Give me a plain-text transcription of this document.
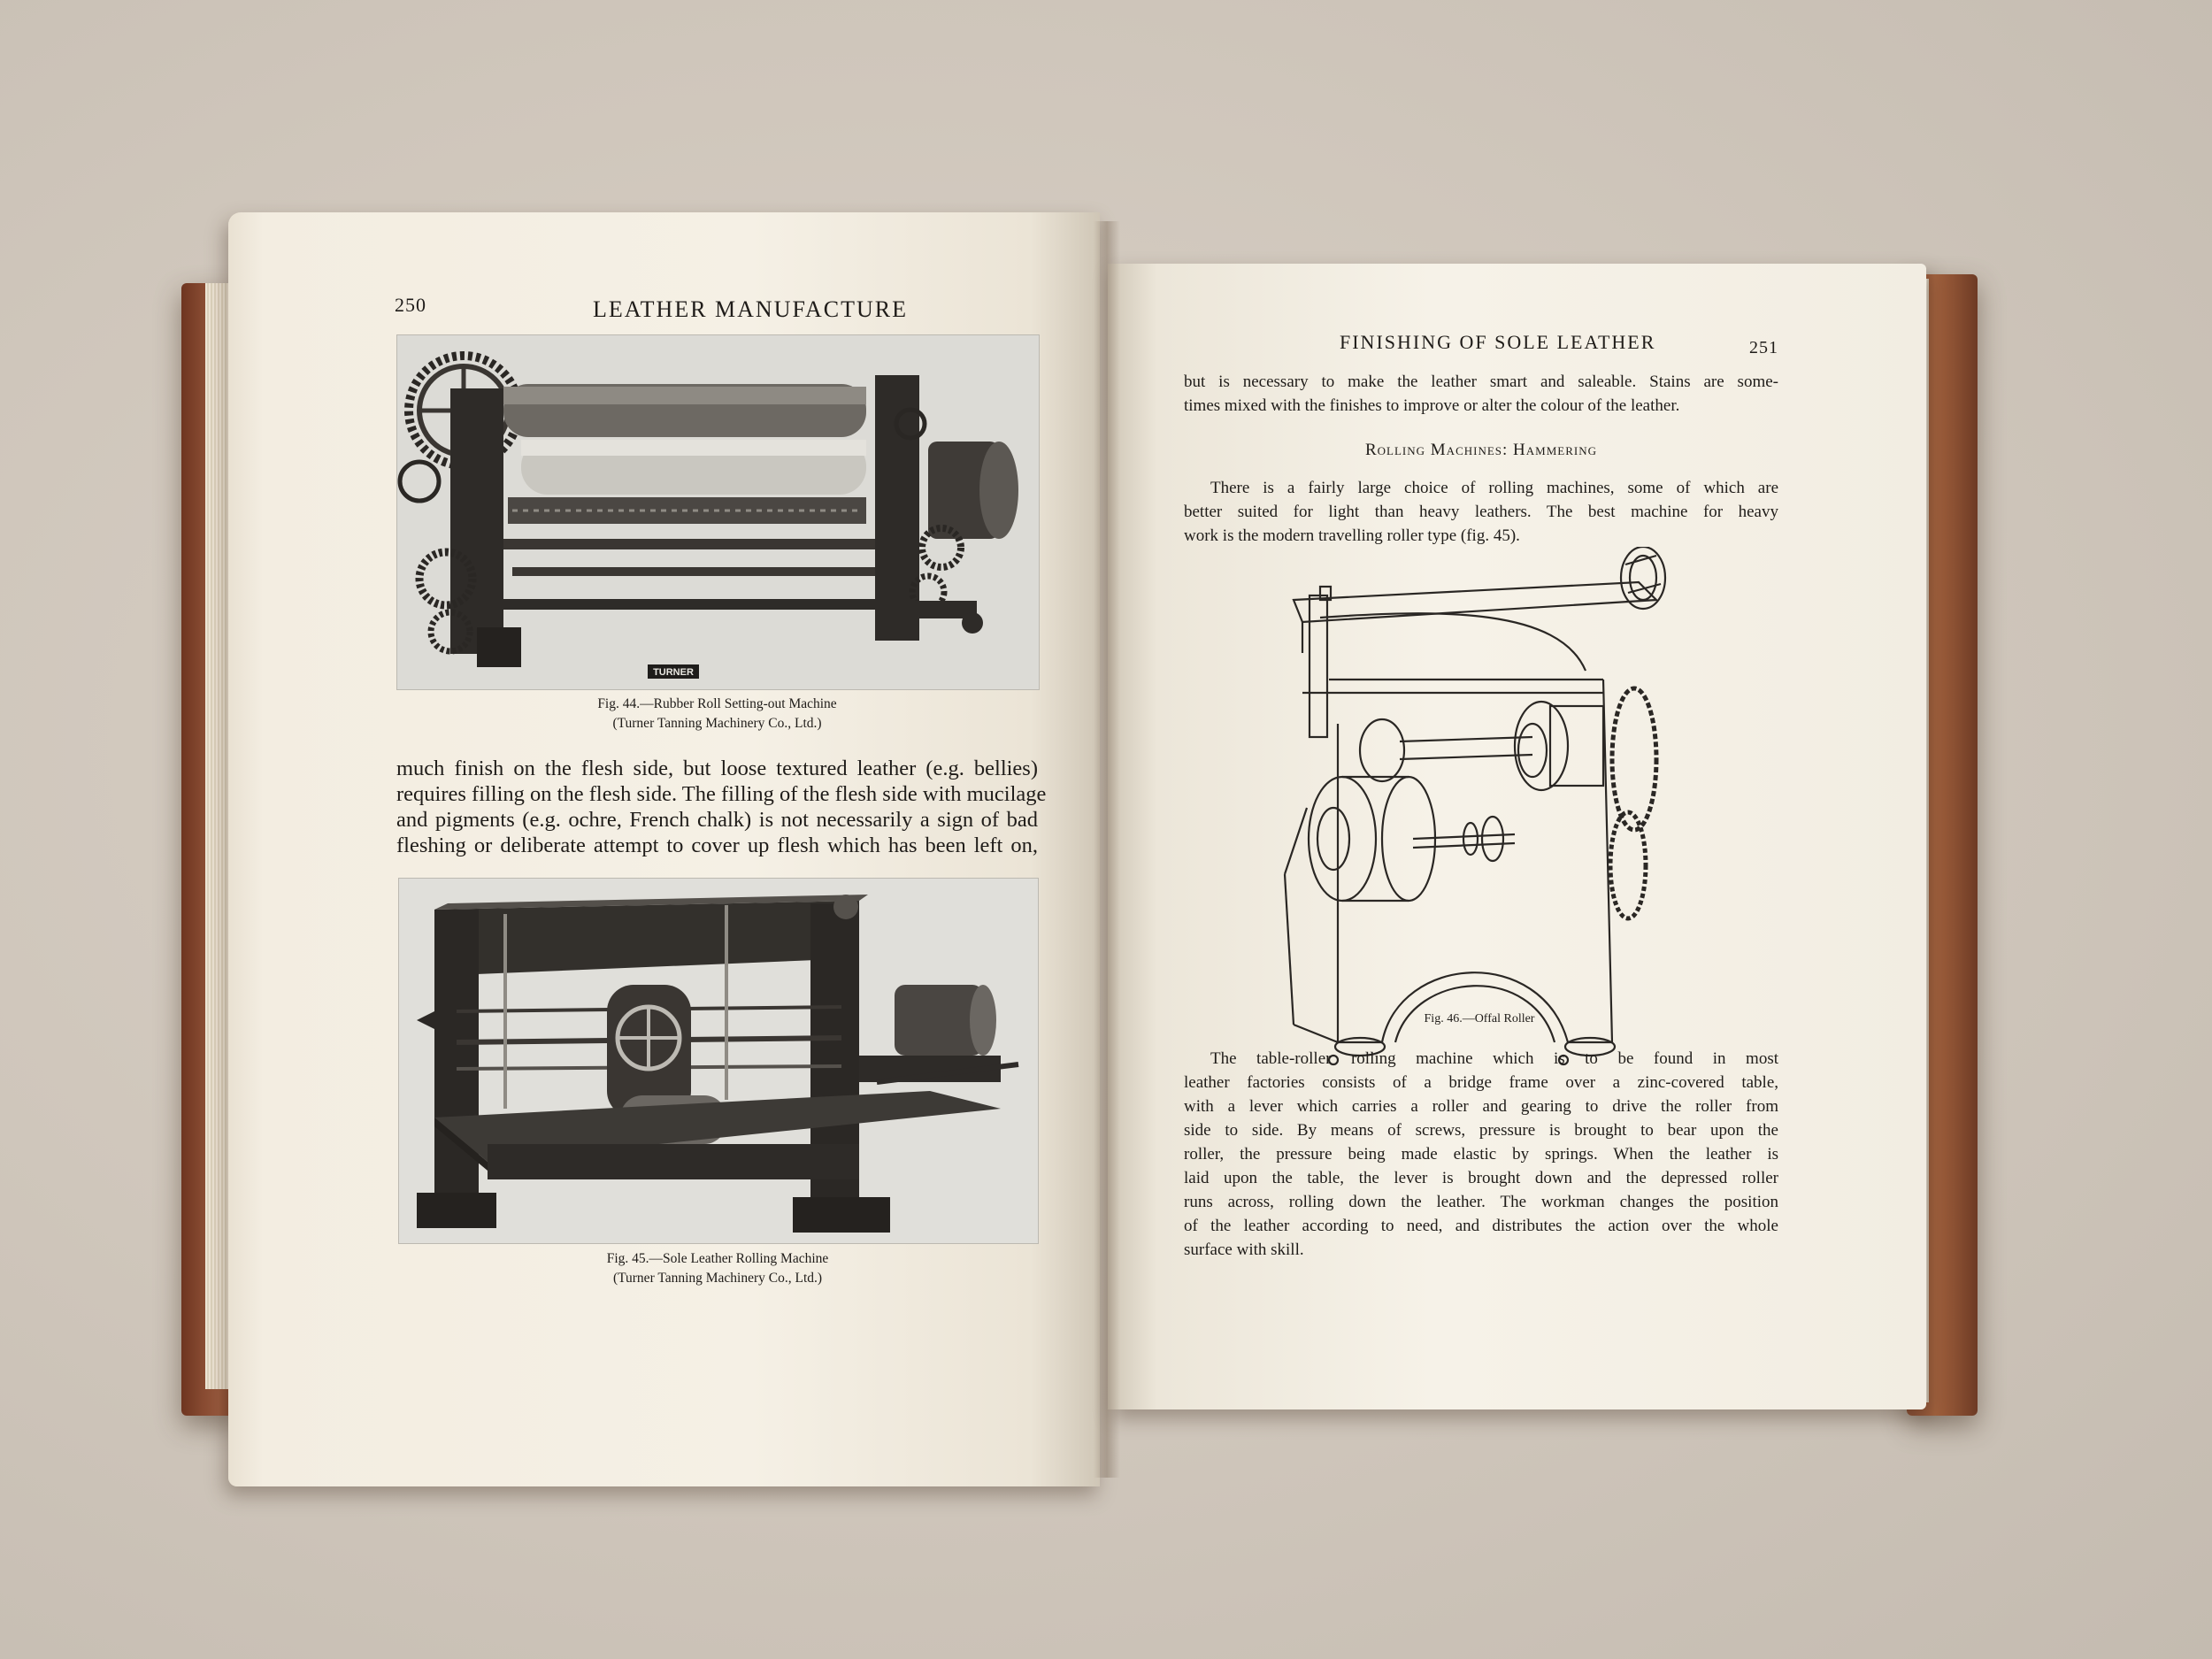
250	LEATHER MANUFACTURE
TURNER
Fig. 44.—Rubber Roll Setting-out Machine
(Turner Tanning Machinery Co., Ltd.)
much finish on the flesh side, but loose textured leather (e.g. bellies)
requires filling on the flesh side. The filling of the flesh side with mucilage
and pigments (e.g. ochre, French chalk) is not necessarily a sign of bad
fleshing or deliberate attempt to cover up flesh which has been left on,
Fig. 45.—Sole Leather Rolling Machine
(Turner Tanning Machinery Co., Ltd.)
FINISHING OF SOLE LEATHER	251
but is necessary to make the leather smart and saleable. Stains are some-
times mixed with the finishes to improve or alter the colour of the leather.
Rolling Machines: Hammering
There is a fairly large choice of rolling machines, some of which are
better suited for light than heavy leathers. The best machine for heavy
work is the modern travelling roller type (fig. 45).
Fig. 46.—Offal Roller
The table-roller rolling machine which is to be found in most
leather factories consists of a bridge frame over a zinc-covered table,
with a lever which carries a roller and gearing to drive the roller from
side to side. By means of screws, pressure is brought to bear upon the
roller, the pressure being made elastic by springs. When the leather is
laid upon the table, the lever is brought down and the depressed roller
runs across, rolling down the leather. The workman changes the position
of the leather according to need, and distributes the action over the whole
surface with skill.
